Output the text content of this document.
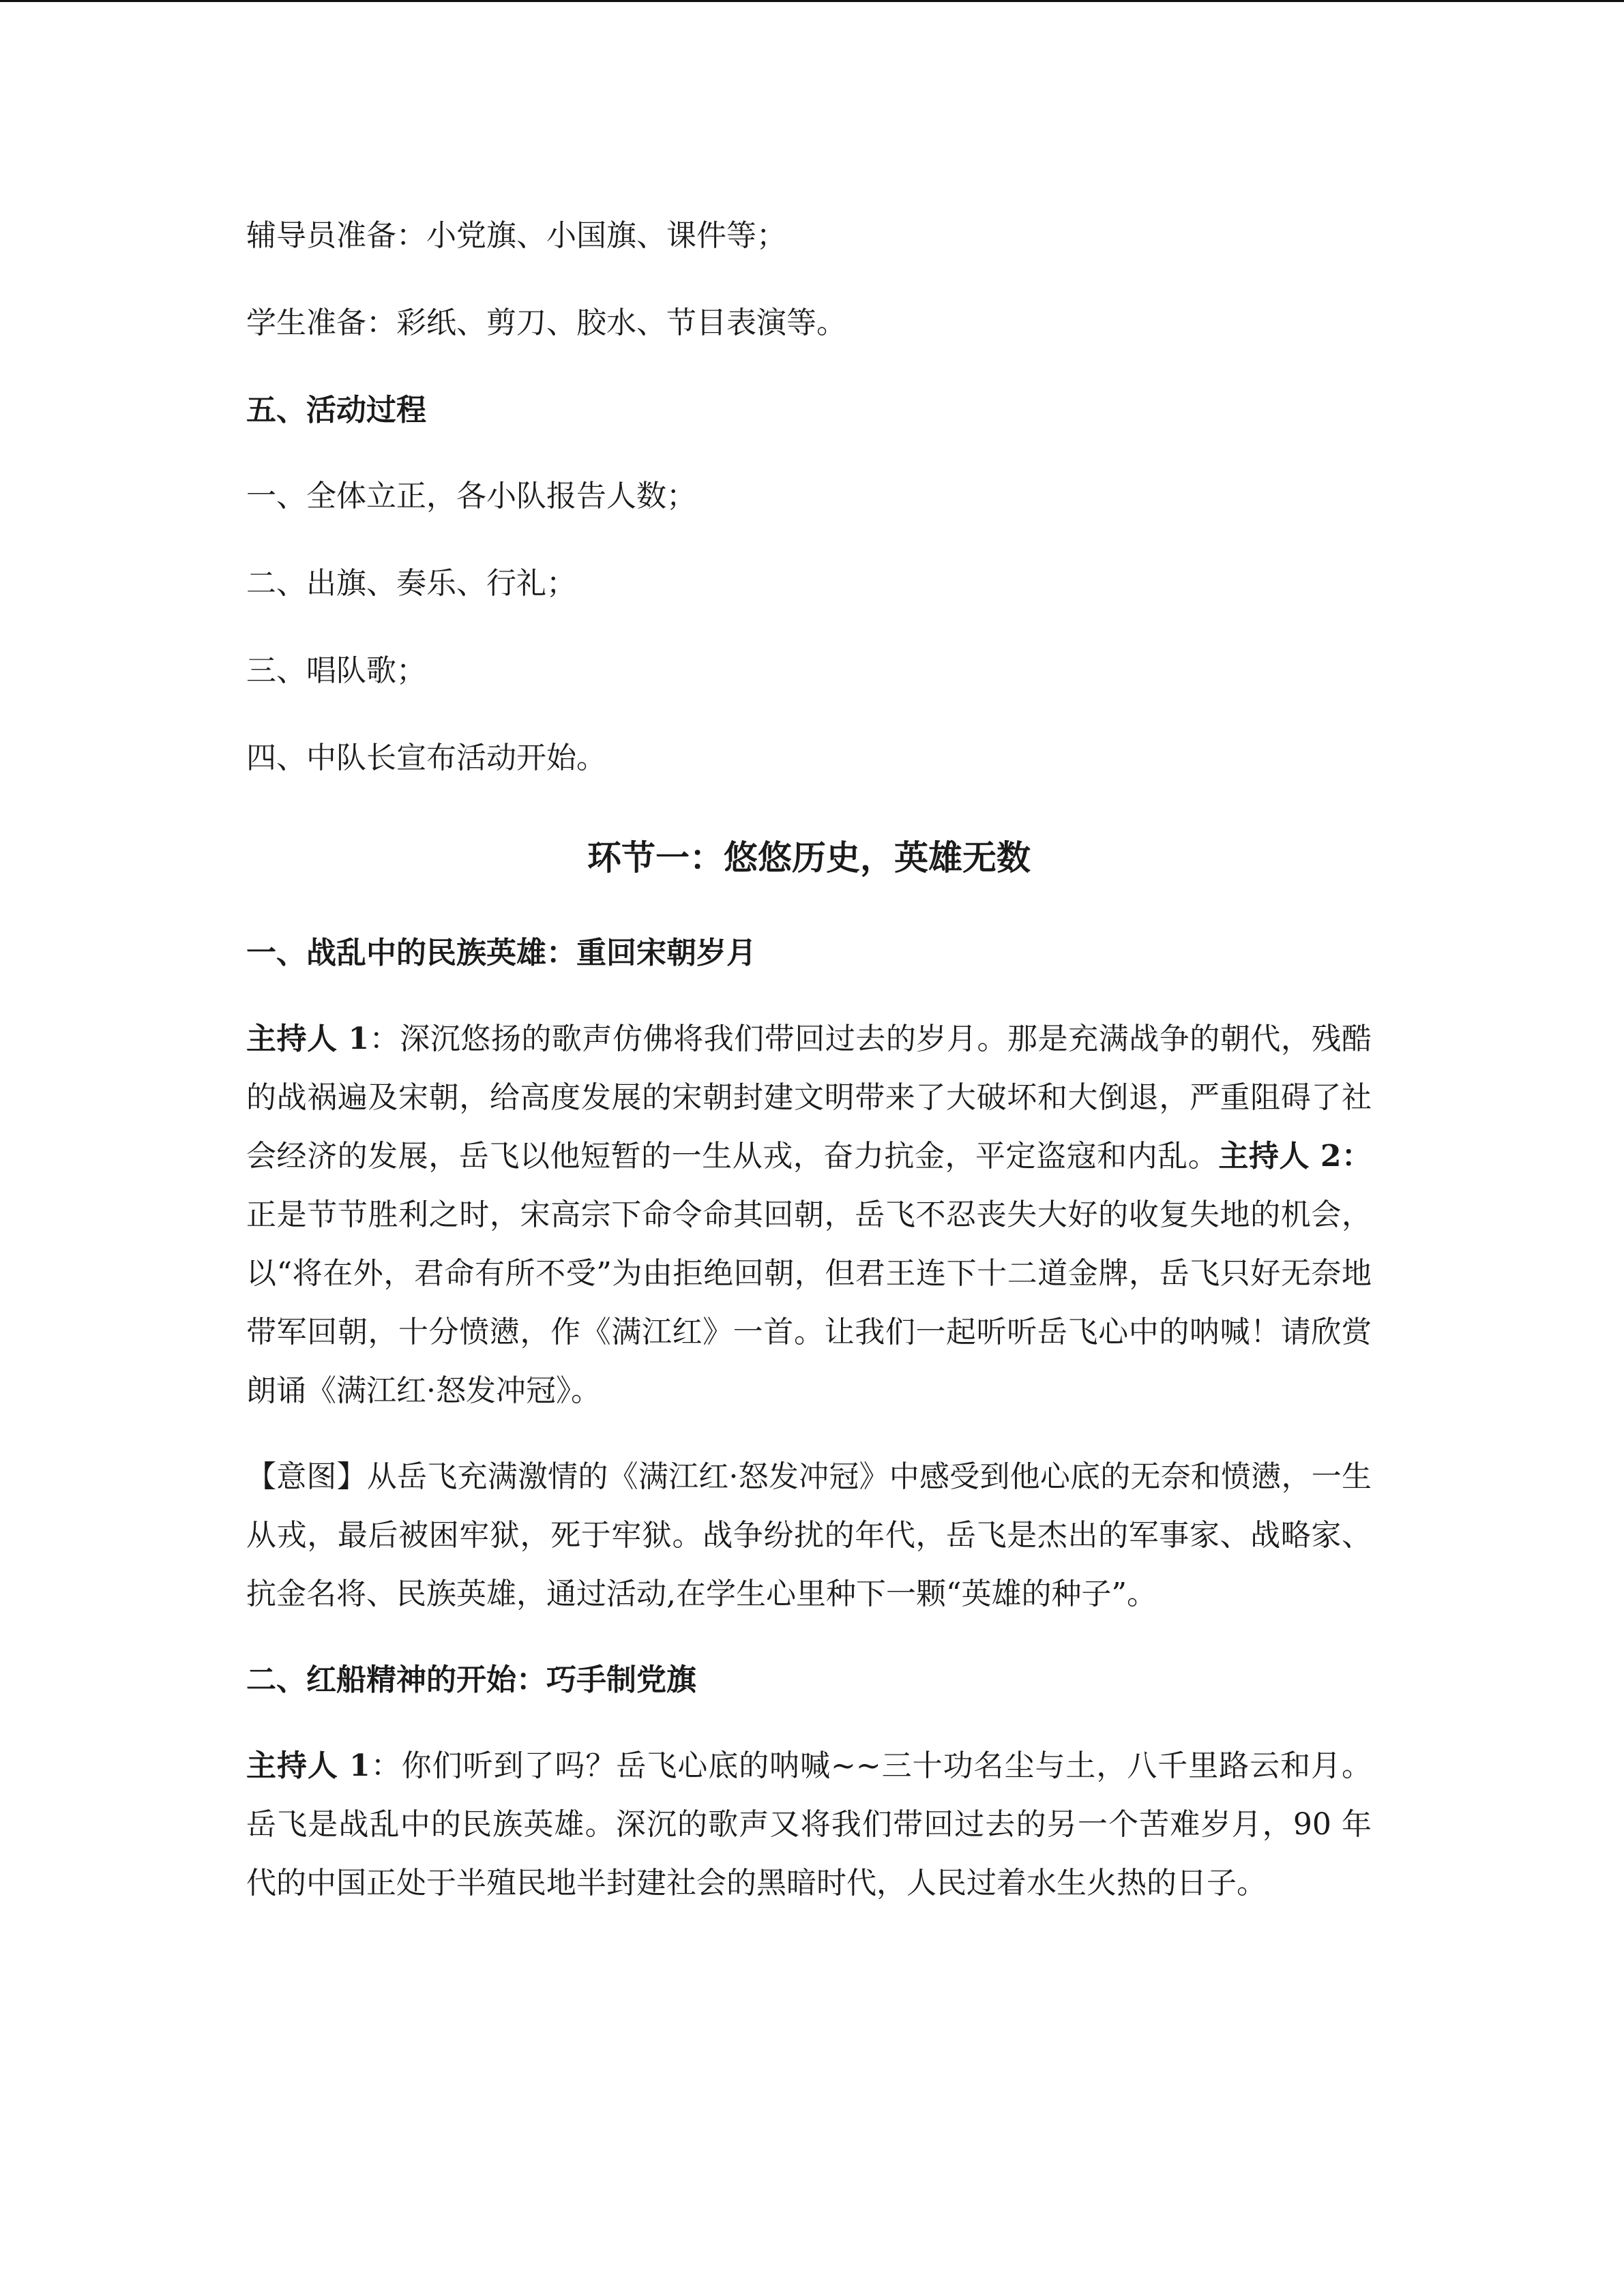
辅导员准备：小党旗、小国旗、课件等；

学生准备：彩纸、剪刀、胶水、节目表演等。

五、活动过程

一、全体立正，各小队报告人数；

二、出旗、奏乐、行礼；

三、唱队歌；

四、中队长宣布活动开始。

环节一：悠悠历史，英雄无数

一、战乱中的民族英雄：重回宋朝岁月

主持人 1：深沉悠扬的歌声仿佛将我们带回过去的岁月。那是充满战争的朝代，残酷的战祸遍及宋朝，给高度发展的宋朝封建文明带来了大破坏和大倒退，严重阻碍了社会经济的发展，岳飞以他短暂的一生从戎，奋力抗金，平定盗寇和内乱。主持人 2：正是节节胜利之时，宋高宗下命令命其回朝，岳飞不忍丧失大好的收复失地的机会，以“将在外，君命有所不受”为由拒绝回朝，但君王连下十二道金牌，岳飞只好无奈地带军回朝，十分愤懑，作《满江红》一首。让我们一起听听岳飞心中的呐喊！请欣赏朗诵《满江红·怒发冲冠》。

【意图】从岳飞充满激情的《满江红·怒发冲冠》中感受到他心底的无奈和愤懑，一生从戎，最后被困牢狱，死于牢狱。战争纷扰的年代，岳飞是杰出的军事家、战略家、抗金名将、民族英雄，通过活动,在学生心里种下一颗“英雄的种子”。

二、红船精神的开始：巧手制党旗

主持人 1：你们听到了吗？岳飞心底的呐喊~~三十功名尘与土，八千里路云和月。岳飞是战乱中的民族英雄。深沉的歌声又将我们带回过去的另一个苦难岁月，90 年代的中国正处于半殖民地半封建社会的黑暗时代，人民过着水生火热的日子。
